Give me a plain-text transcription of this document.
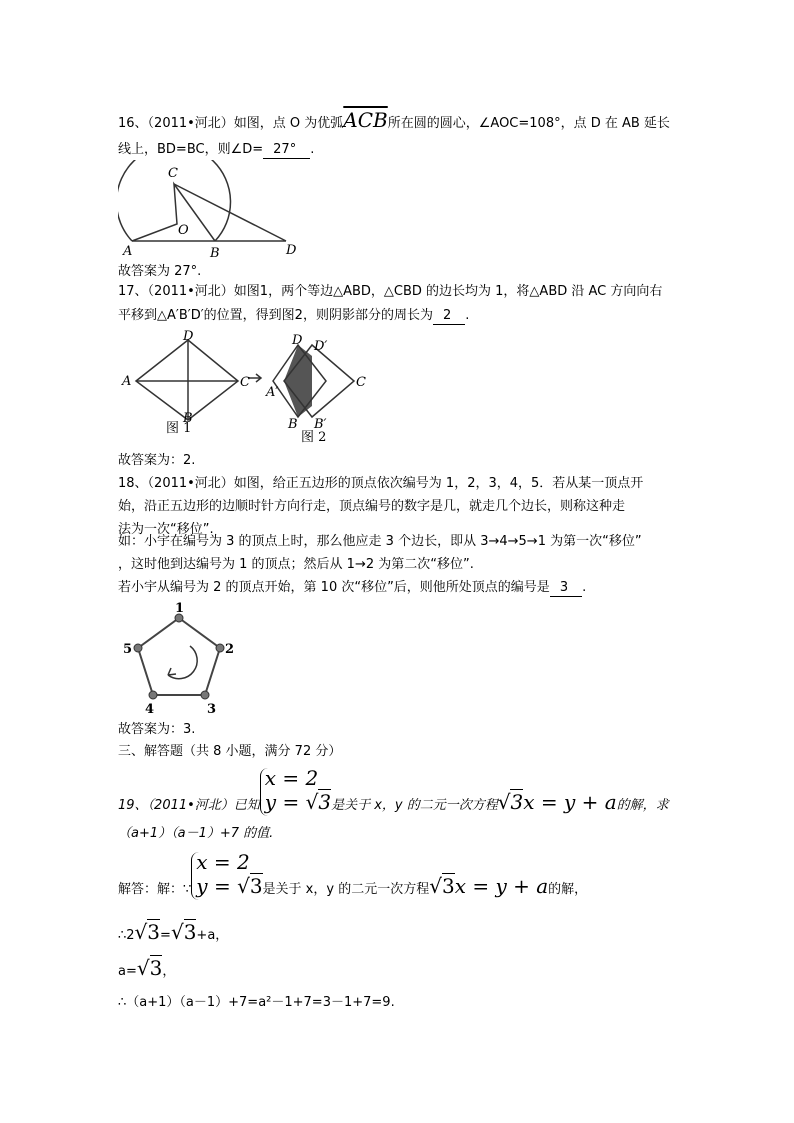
16、（2011•河北）如图，点 O 为优弧$\overline{ACB}$所在圆的圆心，∠AOC=108°，点 D 在 AB 延长
线上，BD=BC，则∠D= 27° .
C
O
A	B	D
故答案为 27°.
17、（2011•河北）如图1，两个等边△ABD，△CBD 的边长均为 1，将△ABD 沿 AC 方向向右
平移到△A′B′D′的位置，得到图2，则阴影部分的周长为 2 .
图 1
图 2
A
D
C
B
D D′
A′
C
B B′
故答案为：2.
18、（2011•河北）如图，给正五边形的顶点依次编号为 1，2，3，4，5．若从某一顶点开
始，沿正五边形的边顺时针方向行走，顶点编号的数字是几，就走几个边长，则称这种走
法为一次“移位”.
如：小宇在编号为 3 的顶点上时，那么他应走 3 个边长，即从 3→4→5→1 为第一次“移位”
，这时他到达编号为 1 的顶点；然后从 1→2 为第二次“移位”.
若小宇从编号为 2 的顶点开始，第 10 次“移位”后，则他所处顶点的编号是 3 .
1
2
3
4
5
故答案为：3.
三、解答题（共 8 小题，满分 72 分）
19、（2011•河北）已知x = 2
y = √3是关于 x，y 的二元一次方程√3x = y + a的解，求
（a+1）（a－1）+7 的值.
解答：解：∵x = 2
y = √3是关于 x，y 的二元一次方程√3x = y + a的解，
∴2√3=√3+a，
a=√3，
∴（a+1）（a－1）+7=a²－1+7=3－1+7=9.
